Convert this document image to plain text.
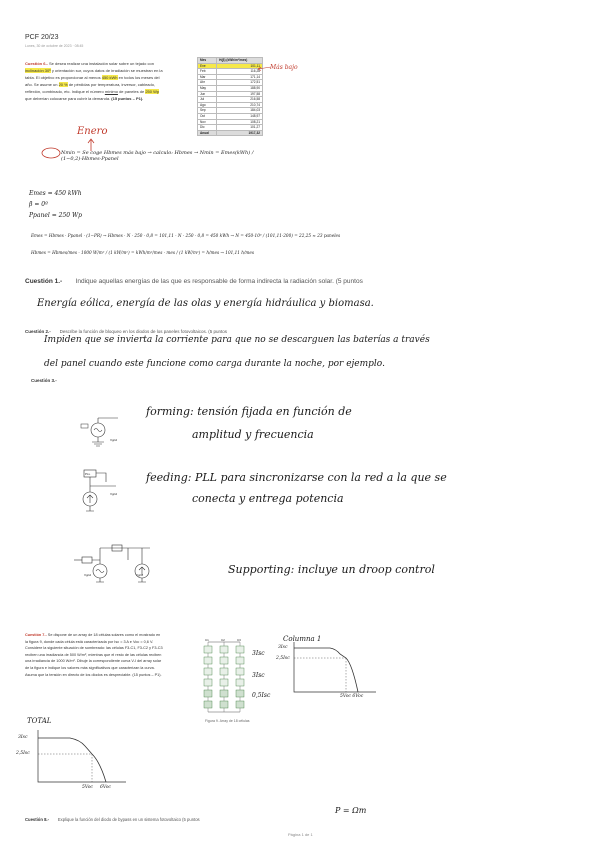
PCF 20/23
Lunes, 30 de octubre de 2023 · 08:45
Cuestión 6.- Se desea realizar una instalación solar sobre un tejado con
inclinación 30º y orientación sur, cuyos datos de irradiación se muestran en la
tabla. El objetivo es proporcionar al menos 450 kWh en todos los meses del
año. Se asume un 20 % de pérdidas por temperatura, inversor, cableado,
reflexión, combinado, etc. Indique el número mínimo de paneles de 250 Wp
que deberían colocarse para cubrir la demanda. (15 puntos – P1).
Mes	H(β) (kWh/m²/mes)
Ene	101,11
Feb	116,28
Mar	171,14
Abr	172,51
May	188,90
Jun	197,58
Jul	216,58
Ago	210,74
Sep	184,03
Oct	148,97
Nov	108,21
Dic	101,27
Anual	1917,32
Más bajo
Enero
Nmin = Se coge Hbmes más bajo → calculo: Hbmes → Nmin = Emes(kWh) / (1−0,2)·Hbmes·Ppanel
Emes = 450 kWh
β = 0º
Ppanel = 250 Wp
Emes = Hbmes · Ppanel · (1−PR) → Hbmes · N · 250 · 0,8 = 101,11 · N · 250 · 0,8 = 450 kWh → N = 450·10³ / (101,11·200) = 22,25 ≈ 23 paneles
Hbmes = Hbmes/mes · 1000 W/m² / (1 kW/m²) = kWh/m²/mes · mes / (1 kW/m²) = h/mes → 101,11 h/mes
Cuestión 1.- Indique aquellas energías de las que es responsable de forma indirecta la radiación solar. (5 puntos
Energía eólica, energía de las olas y energía hidráulica y biomasa.
Cuestión 2.- Describe la función de bloqueo en los diodos de los paneles fotovoltaicos. (5 puntos
Impiden que se invierta la corriente para que no se descarguen las baterías a través
del panel cuando este funcione como carga durante la noche, por ejemplo.
Cuestión 3.-
Vgrid
forming: tensión fijada en función de
amplitud y frecuencia
PLL
Vgrid
feeding: PLL para sincronizarse con la red a la que se
conecta y entrega potencia
Vgrid	Vgrid	Supporting: incluye un droop control
Cuestión 7.- Se dispone de un array de 18 células solares como el mostrado en
la figura 9, donde cada célula está caracterizada por Isc = 3 A e Voc = 0,6 V.
Considere la siguiente situación de sombreado: las células F3-C1, F3-C2 y F3-C3
reciben una irradiancia de 500 W/m², mientras que el resto de las células reciben
una irradiancia de 1000 W/m². Dibuje la correspondiente curva V-I del array solar
de la figura e indique los valores más significativos que caracterizan la curva.
Asuma que la tensión en directo de los diodos es despreciable. (15 puntos – P1).
C1	C2	C3
3Isc
3Isc
0,5Isc
Figura 9. Array de 18 células
Columna 1
3Isc
2,5Isc
5Voc 6Voc
TOTAL
3Isc
2,5Isc
5Voc 6Voc
Cuestión 8.- Explique la función del diodo de bypass en un sistema fotovoltaico (5 puntos
P = Ωm
Página 1 de 1
